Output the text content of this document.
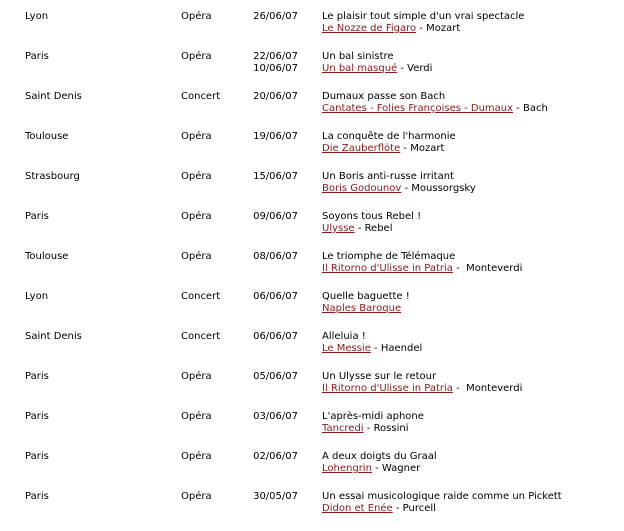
Lyon	Opéra	26/06/07 Le plaisir tout simple d'un vrai spectacle
Le Nozze de Figaro - Mozart
Paris	Opéra	22/06/07
10/06/07
Un bal sinistre
Un bal masqué - Verdi
Saint Denis	Concert	20/06/07 Dumaux passe son Bach
Cantates - Folies Françoises - Dumaux - Bach
Toulouse	Opéra	19/06/07 La conquête de l'harmonie
Die Zauberflöte - Mozart
Strasbourg	Opéra	15/06/07 Un Boris anti-russe irritant
Boris Godounov - Moussorgsky
Paris	Opéra	09/06/07 Soyons tous Rebel !
Ulysse - Rebel
Toulouse	Opéra	08/06/07 Le triomphe de Télémaque
Il Ritorno d'Ulisse in Patria -  Monteverdi
Lyon	Concert	06/06/07 Quelle baguette !
Naples Baroque
Saint Denis	Concert	06/06/07 Alleluia !
Le Messie - Haendel
Paris	Opéra	05/06/07 Un Ulysse sur le retour
Il Ritorno d'Ulisse in Patria -  Monteverdi
Paris	Opéra	03/06/07 L'après-midi aphone
Tancredi - Rossini
Paris	Opéra	02/06/07 A deux doigts du Graal
Lohengrin - Wagner
Paris	Opéra	30/05/07 Un essai musicologique raide comme un Pickett
Didon et Enée - Purcell
